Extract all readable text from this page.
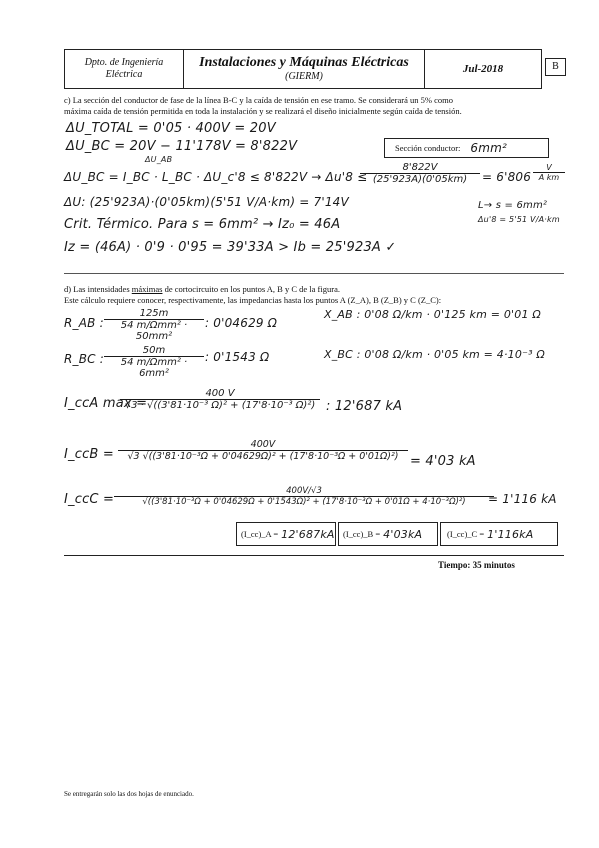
Dpto. de Ingeniería
Eléctrica
Instalaciones y Máquinas Eléctricas
(GIERM)
Jul-2018	B
c) La sección del conductor de fase de la línea B-C y la caída de tensión en ese tramo. Se considerará un 5% como
máxima caída de tensión permitida en toda la instalación y se realizará el diseño inicialmente según caída de tensión.
ΔU_TOTAL = 0'05 · 400V = 20V
ΔU_BC = 20V − 11'178V = 8'822V
ΔU_AB
Sección conductor: 6mm²
ΔU_BC = I_BC · L_BC · ΔU_c'8 ≤ 8'822V → Δu'8 ≤
$\frac{8'822V}{(25'923A)(0'05km)} = 6'806 \frac{V}{\text{A km}}$
ΔU: (25'923A)·(0'05km)(5'51 V/A·km) = 7'14V	L→ s = 6mm²
Δu'8 = 5'51 V/A·km
Crit. Térmico. Para s = 6mm² → Iz₀ = 46A
Iz = (46A) · 0'9 · 0'95 = 39'33A > Ib = 25'923A ✓
d) Las intensidades máximas de cortocircuito en los puntos A, B y C de la figura.
Este cálculo requiere conocer, respectivamente, las impedancias hasta los puntos A (Z_A), B (Z_B) y C (Z_C):
R_AB :
125m
54 m/Ωmm² · 50mm²
: 0'04629 Ω
X_AB : 0'08 Ω/km · 0'125 km = 0'01 Ω
R_BC :
50m
54 m/Ωmm² · 6mm²
: 0'1543 Ω	X_BC : 0'08 Ω/km · 0'05 km = 4·10⁻³ Ω
I_ccA max =
$\frac{400 V}{\text{√3 · √((3'81·10⁻³ Ω)² + (17'8·10⁻³ Ω)²)}}$ : 12'687 kA
I_ccB = $\frac{400V}{\text{√3 √((3'81·10⁻³Ω + 0'04629Ω)² + (17'8·10⁻³Ω + 0'01Ω)²)}} = 4'03$ kA
I_ccC =
400V/√3
√((3'81·10⁻³Ω + 0'04629Ω + 0'1543Ω)² + (17'8·10⁻³Ω + 0'01Ω + 4·10⁻³Ω)²)	= 1'116 kA
(I_cc)_A = 12'687kA (I_cc)_B = 4'03kA	(I_cc)_C = 1'116kA
Tiempo: 35 minutos
Se entregarán solo las dos hojas de enunciado.
